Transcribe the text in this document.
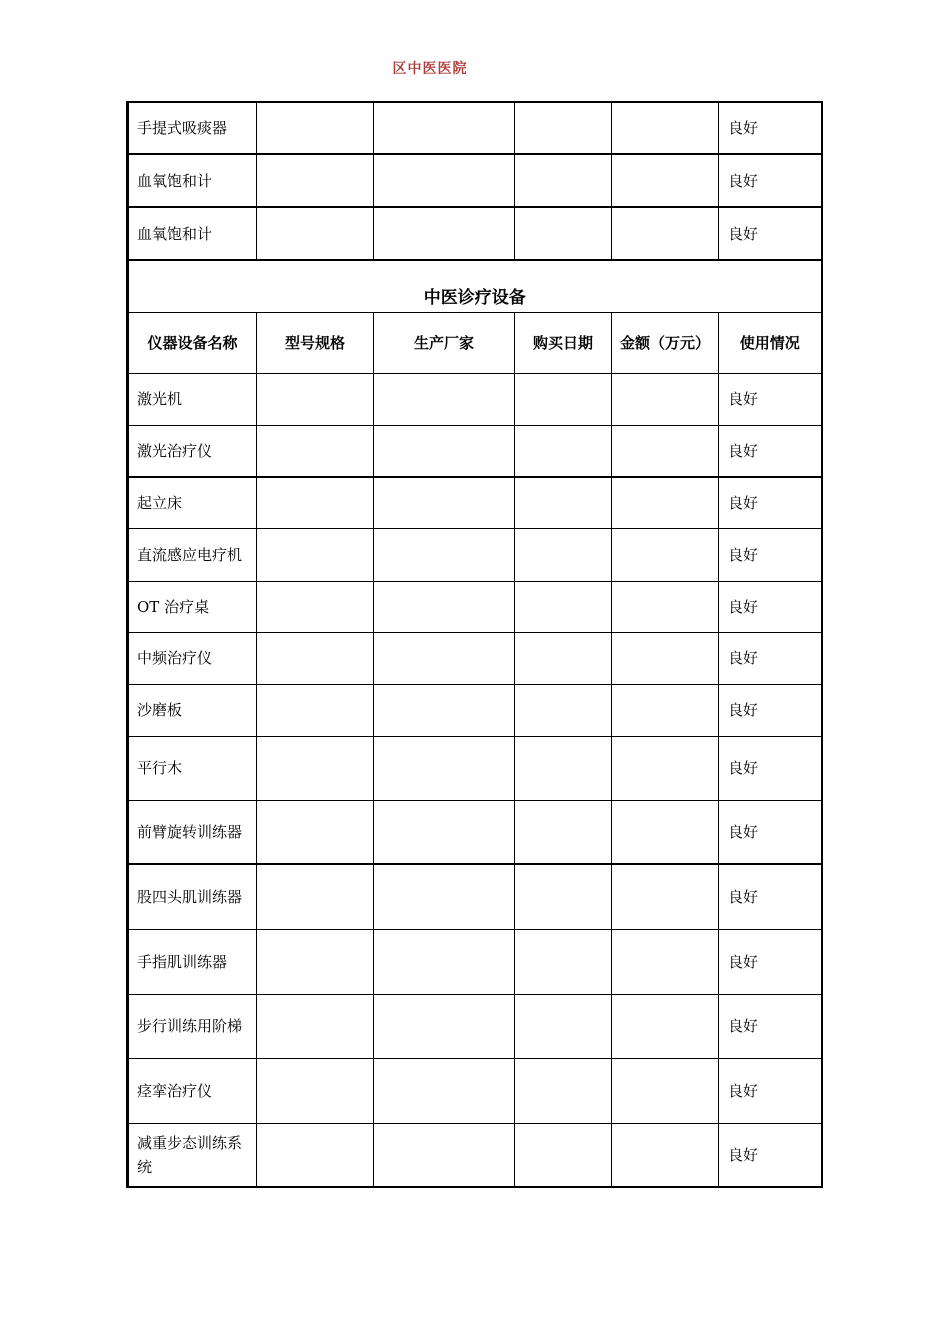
区中医医院
手提式吸痰器					良好
血氧饱和计					良好
血氧饱和计					良好
中医诊疗设备					
仪器设备名称	型号规格	生产厂家	购买日期	金额（万元）	使用情况
激光机					良好
激光治疗仪					良好
起立床					良好
直流感应电疗机					良好
OT 治疗桌					良好
中频治疗仪					良好
沙磨板					良好
平行木					良好
前臂旋转训练器					良好
股四头肌训练器					良好
手指肌训练器					良好
步行训练用阶梯					良好
痉挛治疗仪					良好
减重步态训练系统					良好
